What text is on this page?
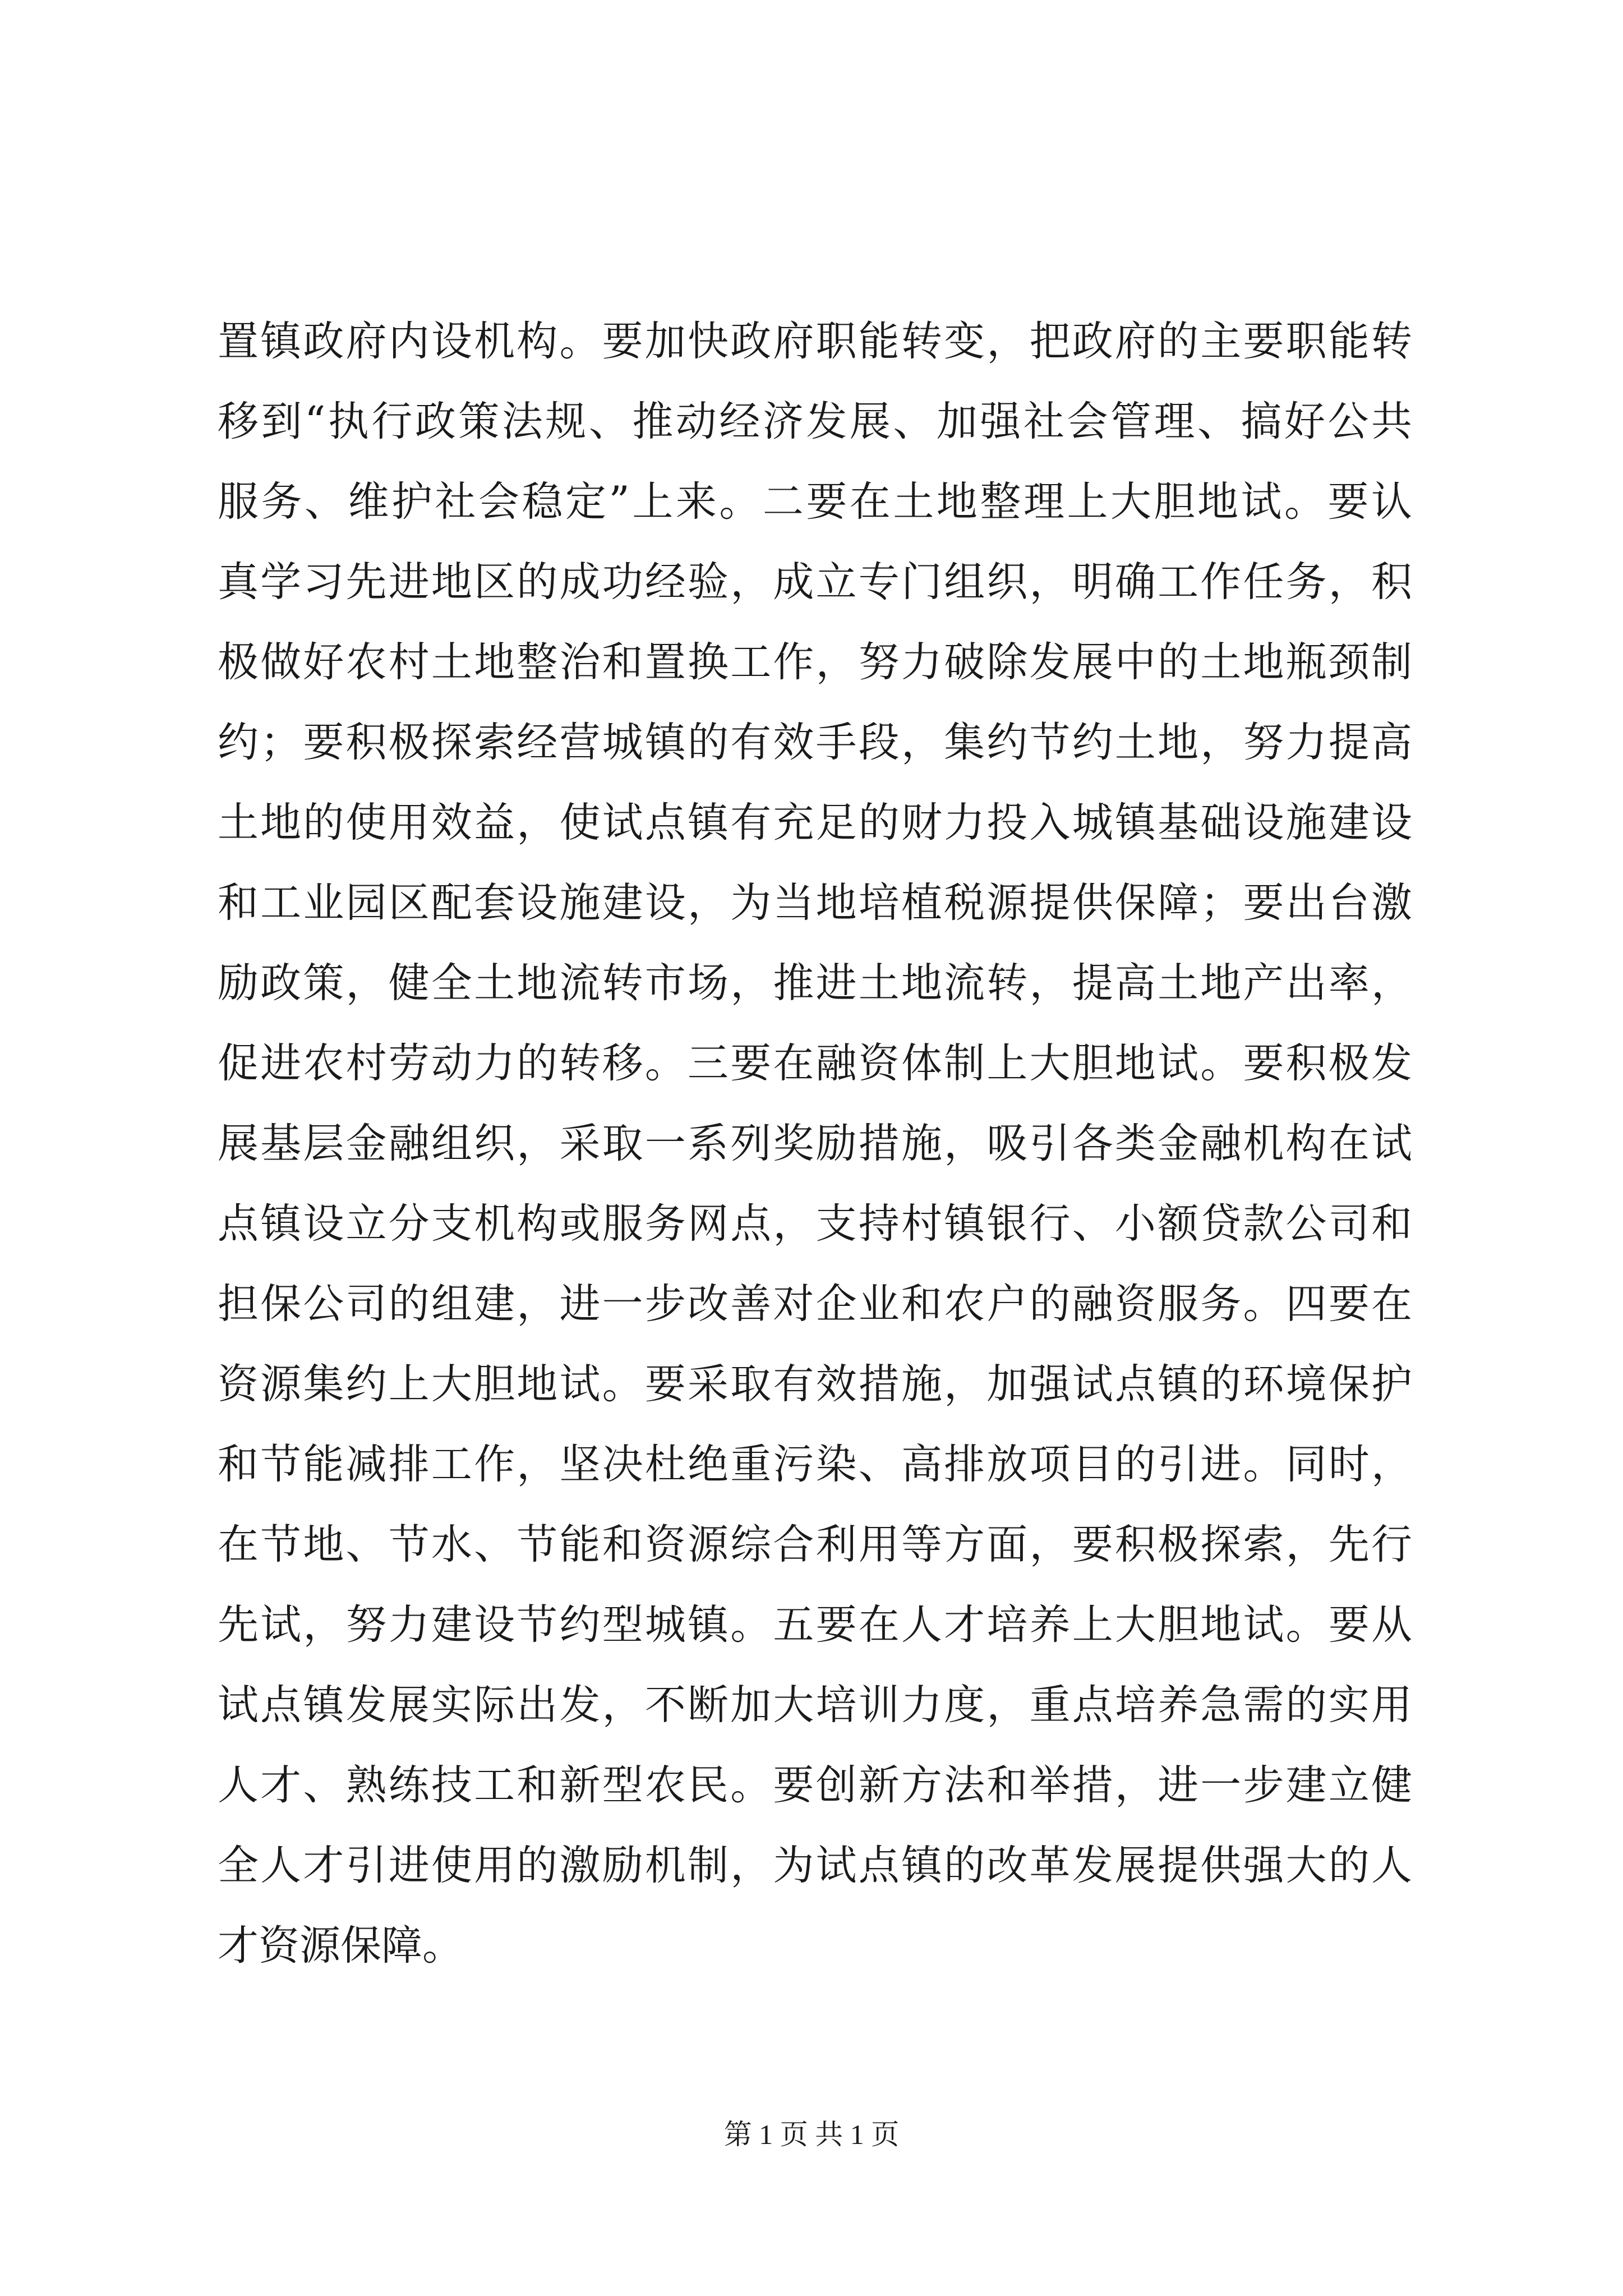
置镇政府内设机构。要加快政府职能转变，把政府的主要职能转
移到“执行政策法规、推动经济发展、加强社会管理、搞好公共
服务、维护社会稳定”上来。二要在土地整理上大胆地试。要认
真学习先进地区的成功经验，成立专门组织，明确工作任务，积
极做好农村土地整治和置换工作，努力破除发展中的土地瓶颈制
约；要积极探索经营城镇的有效手段，集约节约土地，努力提高
土地的使用效益，使试点镇有充足的财力投入城镇基础设施建设
和工业园区配套设施建设，为当地培植税源提供保障；要出台激
励政策，健全土地流转市场，推进土地流转，提高土地产出率，
促进农村劳动力的转移。三要在融资体制上大胆地试。要积极发
展基层金融组织，采取一系列奖励措施，吸引各类金融机构在试
点镇设立分支机构或服务网点，支持村镇银行、小额贷款公司和
担保公司的组建，进一步改善对企业和农户的融资服务。四要在
资源集约上大胆地试。要采取有效措施，加强试点镇的环境保护
和节能减排工作，坚决杜绝重污染、高排放项目的引进。同时，
在节地、节水、节能和资源综合利用等方面，要积极探索，先行
先试，努力建设节约型城镇。五要在人才培养上大胆地试。要从
试点镇发展实际出发，不断加大培训力度，重点培养急需的实用
人才、熟练技工和新型农民。要创新方法和举措，进一步建立健
全人才引进使用的激励机制，为试点镇的改革发展提供强大的人
才资源保障。
第 1 页 共 1 页
